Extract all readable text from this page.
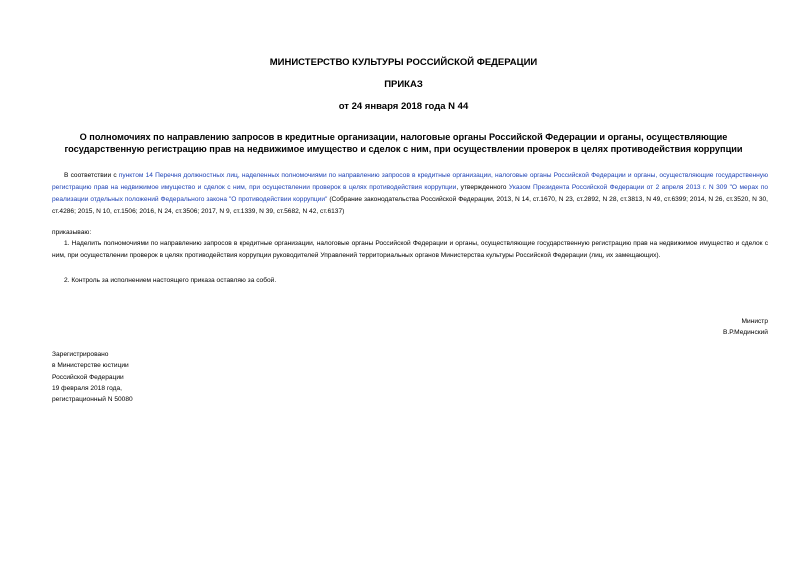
МИНИСТЕРСТВО КУЛЬТУРЫ РОССИЙСКОЙ ФЕДЕРАЦИИ
ПРИКАЗ
от 24 января 2018 года N 44
О полномочиях по направлению запросов в кредитные организации, налоговые органы Российской Федерации и органы, осуществляющие государственную регистрацию прав на недвижимое имущество и сделок с ним, при осуществлении проверок в целях противодействия коррупции
В соответствии с пунктом 14 Перечня должностных лиц, наделенных полномочиями по направлению запросов в кредитные организации, налоговые органы Российской Федерации и органы, осуществляющие государственную регистрацию прав на недвижимое имущество и сделок с ним, при осуществлении проверок в целях противодействия коррупции, утвержденного Указом Президента Российской Федерации от 2 апреля 2013 г. N 309 "О мерах по реализации отдельных положений Федерального закона "О противодействии коррупции" (Собрание законодательства Российской Федерации, 2013, N 14, ст.1670, N 23, ст.2892, N 28, ст.3813, N 49, ст.6399; 2014, N 26, ст.3520, N 30, ст.4286; 2015, N 10, ст.1506; 2016, N 24, ст.3506; 2017, N 9, ст.1339, N 39, ст.5682, N 42, ст.6137)
приказываю:
1. Наделить полномочиями по направлению запросов в кредитные организации, налоговые органы Российской Федерации и органы, осуществляющие государственную регистрацию прав на недвижимое имущество и сделок с ним, при осуществлении проверок в целях противодействия коррупции руководителей Управлений территориальных органов Министерства культуры Российской Федерации (лиц, их замещающих).
2. Контроль за исполнением настоящего приказа оставляю за собой.
Министр
В.Р.Мединский
Зарегистрировано
в Министерстве юстиции
Российской Федерации
19 февраля 2018 года,
регистрационный N 50080
